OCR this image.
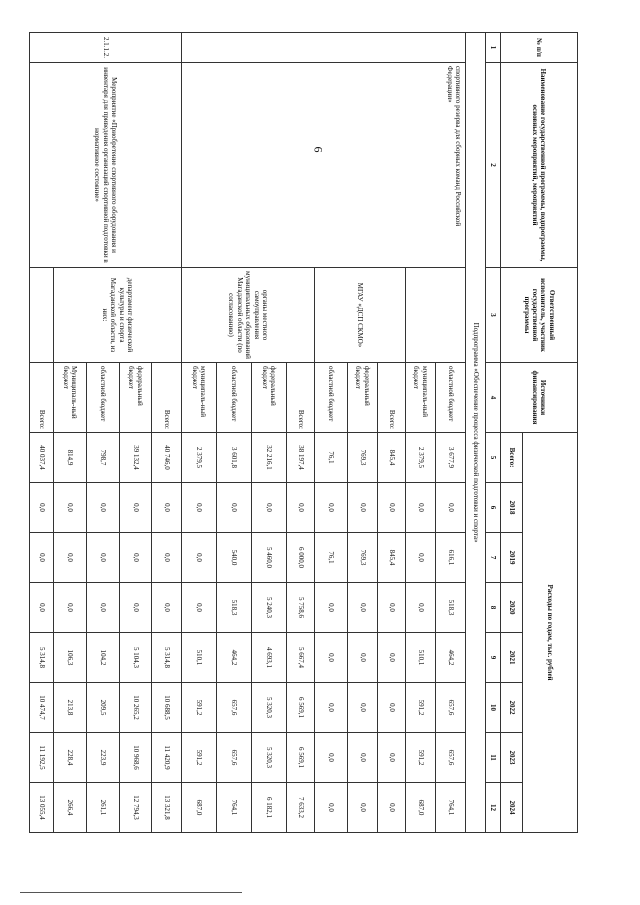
6
№ п/п	Наименование государственной программы, подпрограммы, основных мероприятий, мероприятий	Ответственный исполнитель, участник государственной программы	Источники финансирования	Расходы по годам, тыс. рублей							
				Всего:	2018	2019	2020	2021	2022	2023	2024
1	2	3	4	5	6	7	8	9	10	11	12
Подпрограмма «Обеспечение процесса физической подготовки и спорта»											
	спортивного резерва для сборных команд Российской Федерации»		областной бюджет	3 677,9	0,0	616,1	518,3	464,2	657,6	657,6	764,1
			муниципаль-ный бюджет	2 379,5	0,0	0,0	0,0	510,1	591,2	591,2	687,0
		МГАУ «ДСП СКМО»	Всего:	845,4	0,0	845,4	0,0	0,0	0,0	0,0	0,0
			федеральный бюджет	769,3	0,0	769,3	0,0	0,0	0,0	0,0	0,0
			областной бюджет	76,1	0,0	76,1	0,0	0,0	0,0	0,0	0,0
		органы местного самоуправления муниципальных образований Магаданской области (по согласованию)	Всего:	38 197,4	0,0	6 000,0	5 758,6	5 667,4	6 569,1	6 569,1	7 633,2
			федеральный бюджет	32 216,1	0,0	5 460,0	5 240,3	4 693,1	5 320,3	5 320,3	6 182,1
			областной бюджет	3 601,8	0,0	540,0	518,3	464,2	657,6	657,6	764,1
			муниципаль-ный бюджет	2 379,5	0,0	0,0	0,0	510,1	591,2	591,2	687,0
2.1.1.2.	Мероприятие «Приобретение спортивного оборудования и инвентаря для приведения организаций спортивной подготовки в нормативное состояние»	департамент физической культуры и спорта Магаданской области, из них:	Всего:	40 746,0	0,0	0,0	0,0	5 314,8	10 688,5	11 420,9	13 321,8
			федеральный бюджет	39 132,4	0,0	0,0	0,0	5 104,3	10 265,2	10 968,6	12 794,3
			областной бюджет	798,7	0,0	0,0	0,0	104,2	209,5	223,9	261,1
			Муниципаль-ный бюджет	814,9	0,0	0,0	0,0	106,3	213,8	228,4	266,4
			Всего:	40 037,4	0,0	0,0	0,0	5 314,8	10 474,7	11 192,5	13 055,4
